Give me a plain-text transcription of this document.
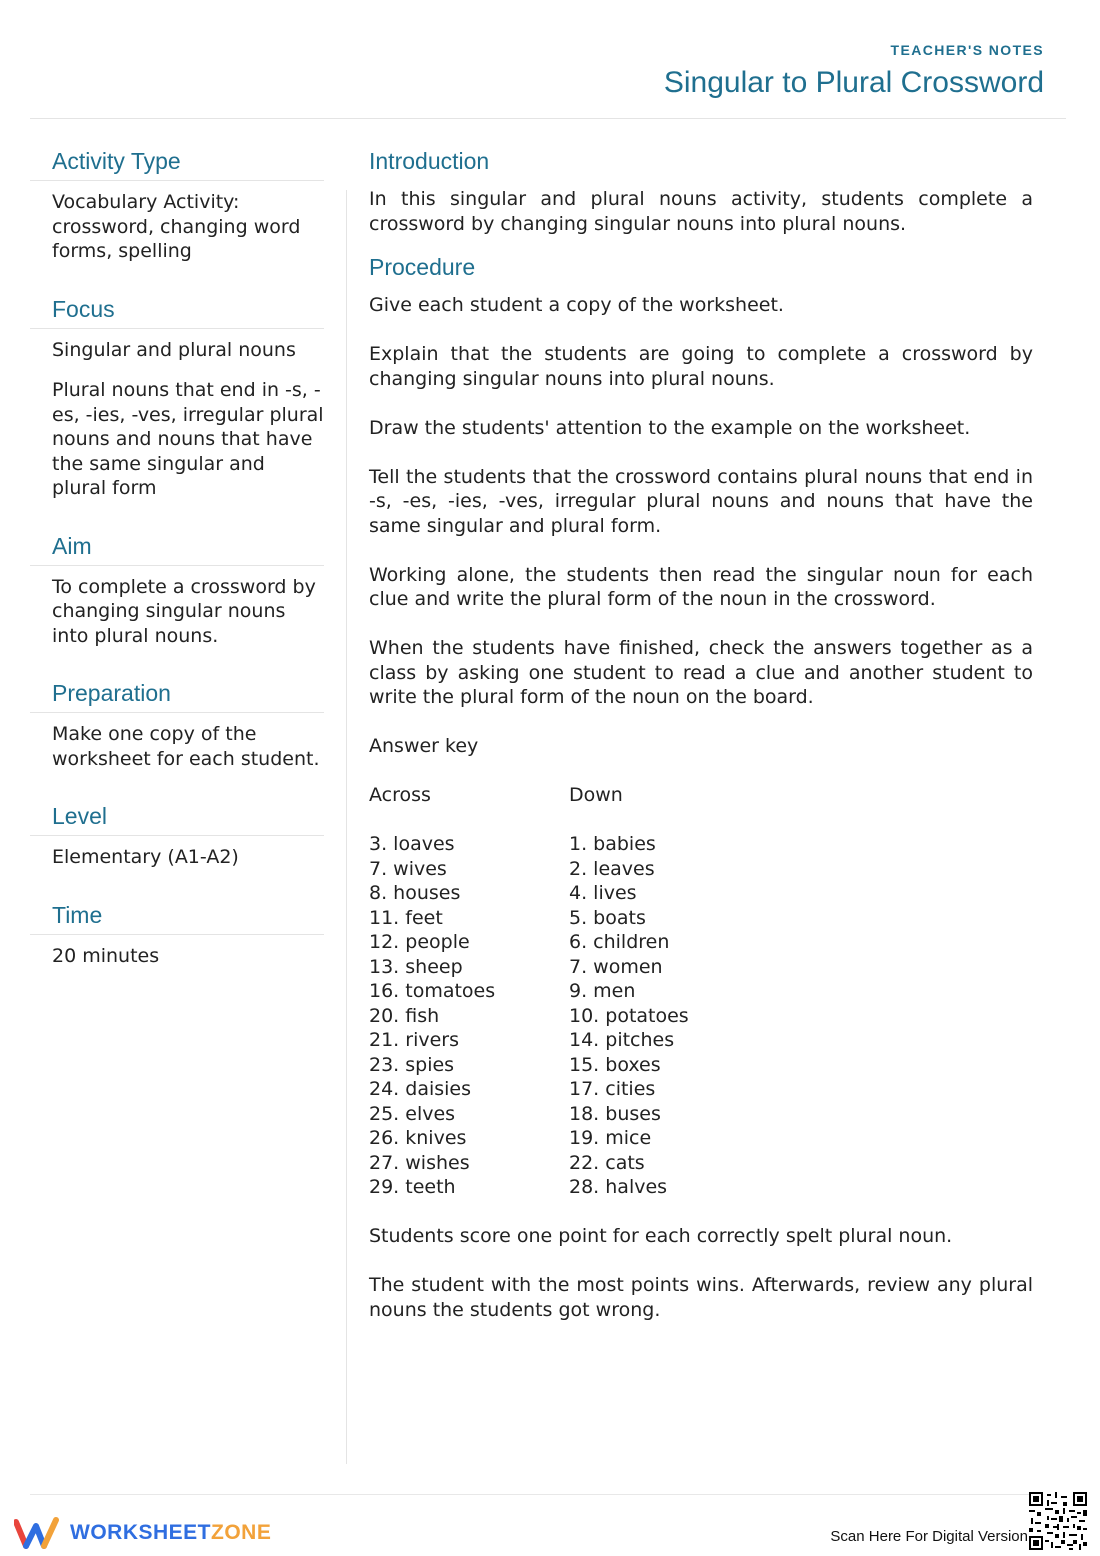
TEACHER'S NOTES
Singular to Plural Crossword
Activity Type
Vocabulary Activity: crossword, changing word forms, spelling
Focus
Singular and plural nouns
Plural nouns that end in -s, -es, -ies, -ves, irregular plural nouns and nouns that have the same singular and plural form
Aim
To complete a crossword by changing singular nouns into plural nouns.
Preparation
Make one copy of the worksheet for each student.
Level
Elementary (A1-A2)
Time
20 minutes
Introduction
In this singular and plural nouns activity, students complete a crossword by changing singular nouns into plural nouns.
Procedure

Give each student a copy of the worksheet.

Explain that the students are going to complete a crossword by changing singular nouns into plural nouns.

Draw the students' attention to the example on the worksheet.

Tell the students that the crossword contains plural nouns that end in -s, -es, -ies, -ves, irregular plural nouns and nouns that have the same singular and plural form.

Working alone, the students then read the singular noun for each clue and write the plural form of the noun in the crossword.

When the students have finished, check the answers together as a class by asking one student to read a clue and another student to write the plural form of the noun on the board.

Answer key

Across
3. loaves
7. wives
8. houses
11. feet
12. people
13. sheep
16. tomatoes
20. fish
21. rivers
23. spies
24. daisies
25. elves
26. knives
27. wishes
29. teeth
Down
1. babies
2. leaves
4. lives
5. boats
6. children
7. women
9. men
10. potatoes
14. pitches
15. boxes
17. cities
18. buses
19. mice
22. cats
28. halves

Students score one point for each correctly spelt plural noun.

The student with the most points wins. Afterwards, review any plural nouns the students got wrong.

WORKSHEETZONE	Scan Here For Digital Version
